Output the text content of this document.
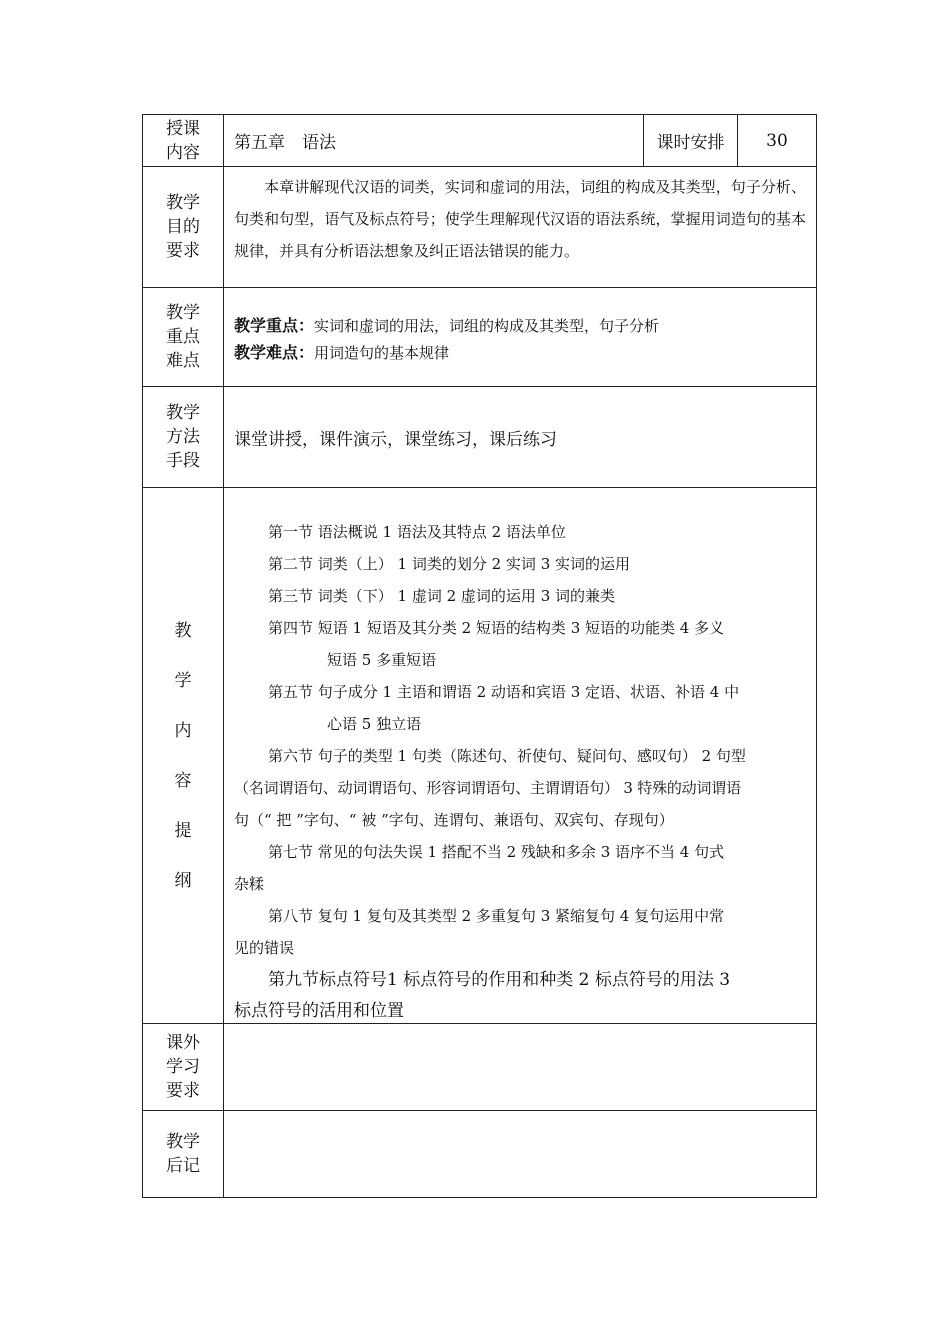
授课
内容 第五章　语法	课时安排 30
教学
目的
要求
　　本章讲解现代汉语的词类，实词和虚词的用法，词组的构成及其类型，句子分析、句类和句型，语气及标点符号；使学生理解现代汉语的语法系统，掌握用词造句的基本规律，并具有分析语法想象及纠正语法错误的能力。
教学
重点
难点
教学重点：实词和虚词的用法，词组的构成及其类型，句子分析
教学难点：用词造句的基本规律
教学
方法
手段
课堂讲授，课件演示，课堂练习，课后练习
教
学
内
容
提
纲
第一节 语法概说 1 语法及其特点 2 语法单位
第二节 词类（上） 1 词类的划分 2 实词 3 实词的运用
第三节 词类（下） 1 虚词 2 虚词的运用 3 词的兼类
第四节 短语 1 短语及其分类 2 短语的结构类 3 短语的功能类 4 多义
短语 5 多重短语
第五节 句子成分 1 主语和谓语 2 动语和宾语 3 定语、状语、补语 4 中
心语 5 独立语
第六节 句子的类型 1 句类（陈述句、祈使句、疑问句、感叹句） 2 句型
（名词谓语句、动词谓语句、形容词谓语句、主谓谓语句） 3 特殊的动词谓语
句（“ 把 ”字句、“ 被 ”字句、连谓句、兼语句、双宾句、存现句）
第七节 常见的句法失误 1 搭配不当 2 残缺和多余 3 语序不当 4 句式
杂糅
第八节 复句 1 复句及其类型 2 多重复句 3 紧缩复句 4 复句运用中常
见的错误
第九节标点符号1 标点符号的作用和种类 2 标点符号的用法 3
标点符号的活用和位置
课外
学习
要求
教学
后记
